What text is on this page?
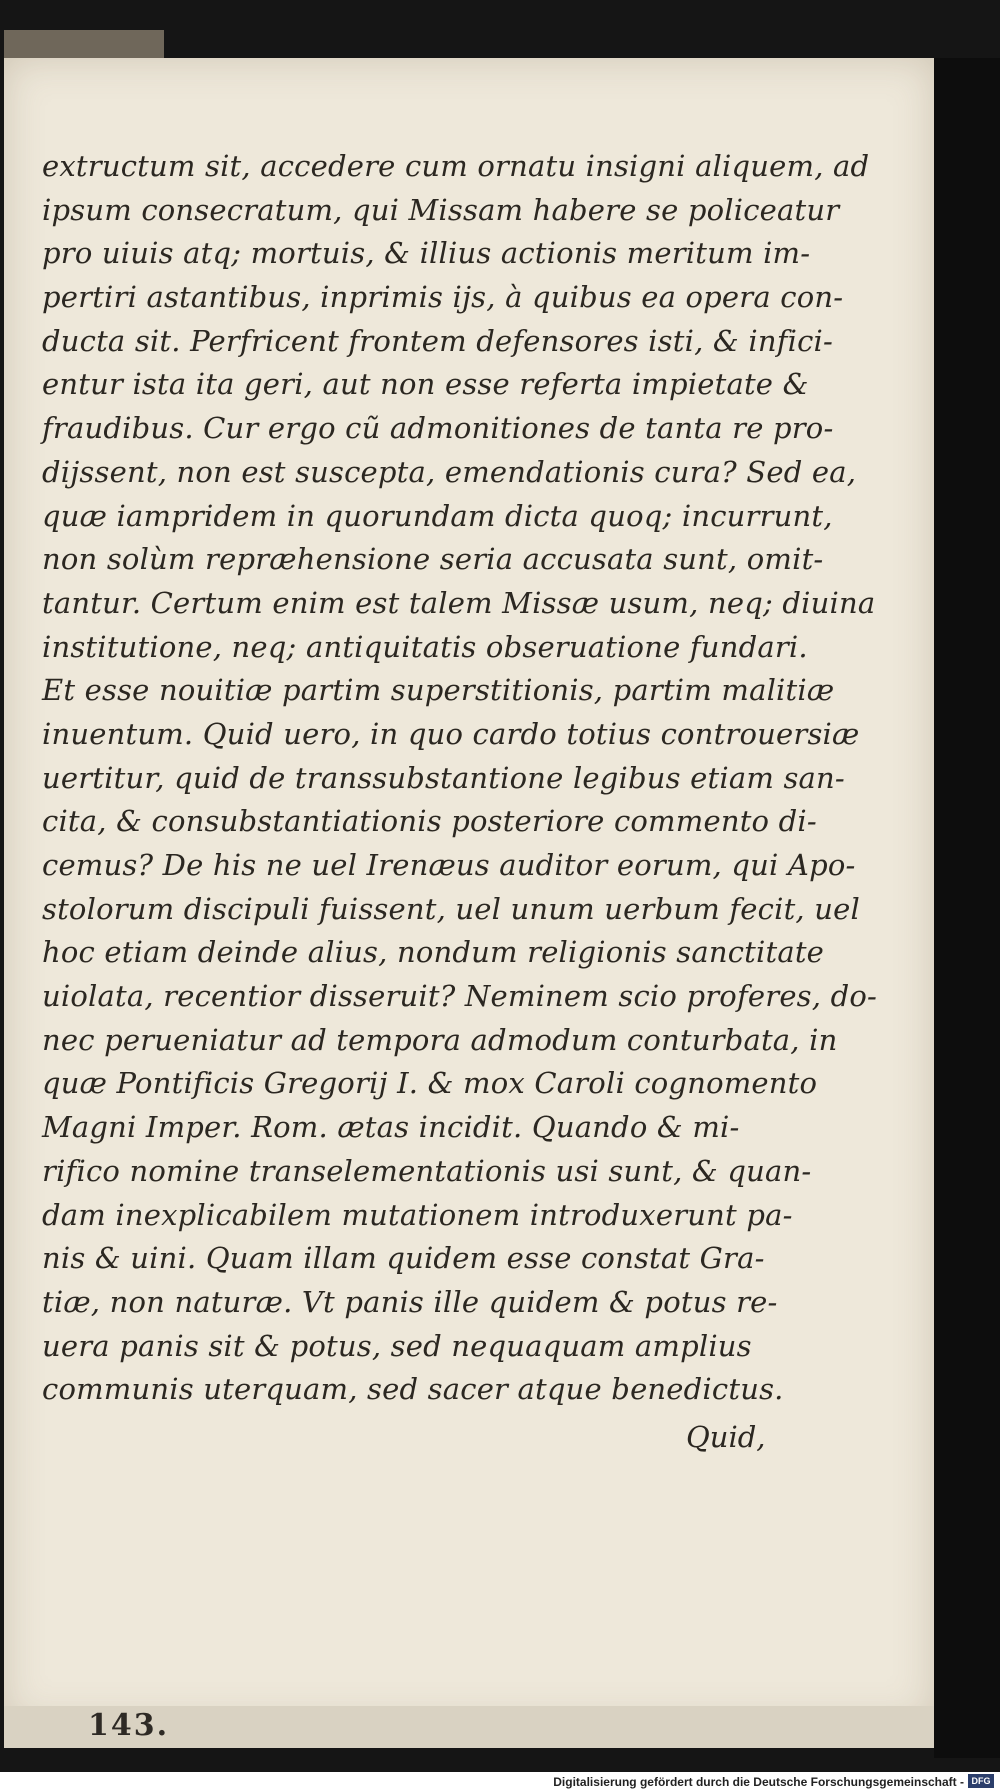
extructum sit, accedere cum ornatu insigni aliquem, ad
ipsum consecratum, qui Missam habere se policeatur
pro uiuis atq; mortuis, & illius actionis meritum im-
pertiri astantibus, inprimis ijs, à quibus ea opera con-
ducta sit. Perfricent frontem defensores isti, & infici-
entur ista ita geri, aut non esse referta impietate &
fraudibus. Cur ergo cũ admonitiones de tanta re pro-
dijssent, non est suscepta, emendationis cura? Sed ea,
quæ iampridem in quorundam dicta quoq; incurrunt,
non solùm repræhensione seria accusata sunt, omit-
tantur. Certum enim est talem Missæ usum, neq; diuina
institutione, neq; antiquitatis obseruatione fundari.
Et esse nouitiæ partim superstitionis, partim malitiæ
inuentum. Quid uero, in quo cardo totius controuersiæ
uertitur, quid de transsubstantione legibus etiam san-
cita, & consubstantiationis posteriore commento di-
cemus? De his ne uel Irenæus auditor eorum, qui Apo-
stolorum discipuli fuissent, uel unum uerbum fecit, uel
hoc etiam deinde alius, nondum religionis sanctitate
uiolata, recentior disseruit? Neminem scio proferes, do-
nec perueniatur ad tempora admodum conturbata, in
quæ Pontificis Gregorij I. & mox Caroli cognomento
Magni Imper. Rom. ætas incidit. Quando & mi-
rifico nomine transelementationis usi sunt, & quan-
dam inexplicabilem mutationem introduxerunt pa-
nis & uini. Quam illam quidem esse constat Gra-
tiæ, non naturæ. Vt panis ille quidem & potus re-
uera panis sit & potus, sed nequaquam amplius
communis uterquam, sed sacer atque benedictus.
Quid,
143.
Digitalisierung gefördert durch die Deutsche Forschungsgemeinschaft - DFG
